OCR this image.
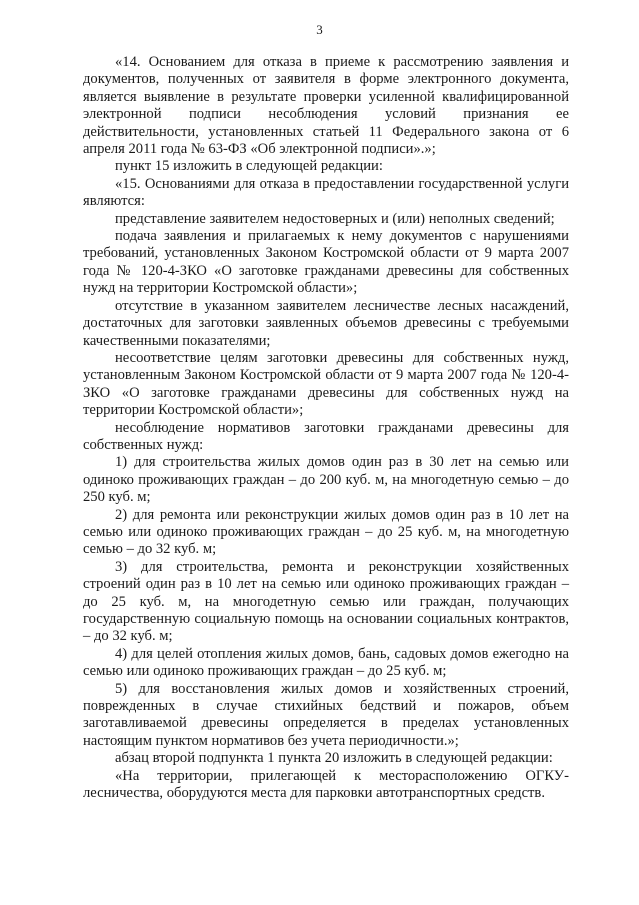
3

«14. Основанием для отказа в приеме к рассмотрению заявления и документов, полученных от заявителя в форме электронного документа, является выявление в результате проверки усиленной квалифицированной электронной подписи несоблюдения условий признания ее действительности, установленных статьей 11 Федерального закона от 6 апреля 2011 года № 63-ФЗ «Об электронной подписи».»;

пункт 15 изложить в следующей редакции:

«15. Основаниями для отказа в предоставлении государственной услуги являются:

представление заявителем недостоверных и (или) неполных сведений;

подача заявления и прилагаемых к нему документов с нарушениями требований, установленных Законом Костромской области от 9 марта 2007 года № 120-4-ЗКО «О заготовке гражданами древесины для собственных нужд на территории Костромской области»;

отсутствие в указанном заявителем лесничестве лесных насаждений, достаточных для заготовки заявленных объемов древесины с требуемыми качественными показателями;

несоответствие целям заготовки древесины для собственных нужд, установленным Законом Костромской области от 9 марта 2007 года № 120-4-ЗКО «О заготовке гражданами древесины для собственных нужд на территории Костромской области»;

несоблюдение нормативов заготовки гражданами древесины для собственных нужд:

1) для строительства жилых домов один раз в 30 лет на семью или одиноко проживающих граждан – до 200 куб. м, на многодетную семью – до 250 куб. м;

2) для ремонта или реконструкции жилых домов один раз в 10 лет на семью или одиноко проживающих граждан – до 25 куб. м, на многодетную семью – до 32 куб. м;

3) для строительства, ремонта и реконструкции хозяйственных строений один раз в 10 лет на семью или одиноко проживающих граждан – до 25 куб. м, на многодетную семью или граждан, получающих государственную социальную помощь на основании социальных контрактов, – до 32 куб. м;

4) для целей отопления жилых домов, бань, садовых домов ежегодно на семью или одиноко проживающих граждан – до 25 куб. м;

5) для восстановления жилых домов и хозяйственных строений, поврежденных в случае стихийных бедствий и пожаров, объем заготавливаемой древесины определяется в пределах установленных настоящим пунктом нормативов без учета периодичности.»;

абзац второй подпункта 1 пункта 20 изложить в следующей редакции:

«На территории, прилегающей к месторасположению ОГКУ-лесничества, оборудуются места для парковки автотранспортных средств.
